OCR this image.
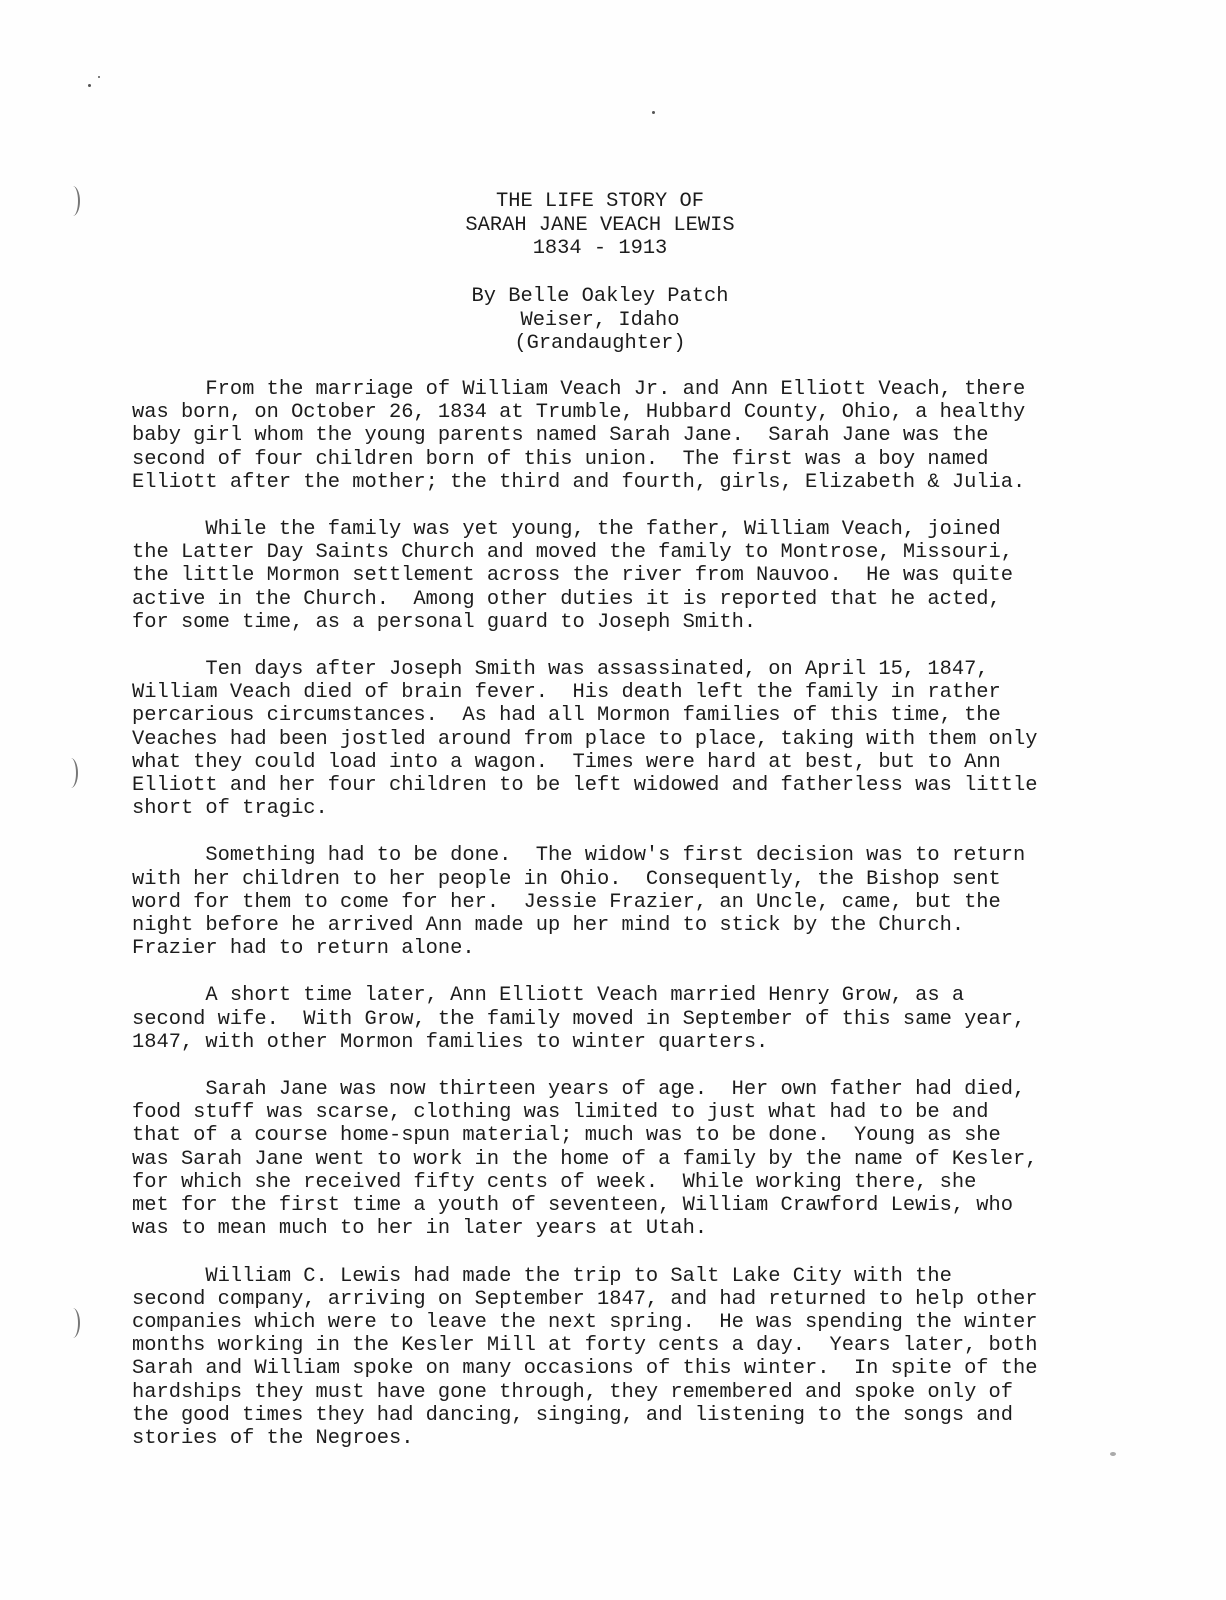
THE LIFE STORY OF
SARAH JANE VEACH LEWIS
1834 - 1913
By Belle Oakley Patch
Weiser, Idaho
(Grandaughter)
From the marriage of William Veach Jr. and Ann Elliott Veach, there
was born, on October 26, 1834 at Trumble, Hubbard County, Ohio, a healthy
baby girl whom the young parents named Sarah Jane.  Sarah Jane was the
second of four children born of this union.  The first was a boy named
Elliott after the mother; the third and fourth, girls, Elizabeth & Julia.
While the family was yet young, the father, William Veach, joined
the Latter Day Saints Church and moved the family to Montrose, Missouri,
the little Mormon settlement across the river from Nauvoo.  He was quite
active in the Church.  Among other duties it is reported that he acted,
for some time, as a personal guard to Joseph Smith.
Ten days after Joseph Smith was assassinated, on April 15, 1847,
William Veach died of brain fever.  His death left the family in rather
percarious circumstances.  As had all Mormon families of this time, the
Veaches had been jostled around from place to place, taking with them only
what they could load into a wagon.  Times were hard at best, but to Ann
Elliott and her four children to be left widowed and fatherless was little
short of tragic.
Something had to be done.  The widow's first decision was to return
with her children to her people in Ohio.  Consequently, the Bishop sent
word for them to come for her.  Jessie Frazier, an Uncle, came, but the
night before he arrived Ann made up her mind to stick by the Church.
Frazier had to return alone.
A short time later, Ann Elliott Veach married Henry Grow, as a
second wife.  With Grow, the family moved in September of this same year,
1847, with other Mormon families to winter quarters.
Sarah Jane was now thirteen years of age.  Her own father had died,
food stuff was scarse, clothing was limited to just what had to be and
that of a course home-spun material; much was to be done.  Young as she
was Sarah Jane went to work in the home of a family by the name of Kesler,
for which she received fifty cents of week.  While working there, she
met for the first time a youth of seventeen, William Crawford Lewis, who
was to mean much to her in later years at Utah.
William C. Lewis had made the trip to Salt Lake City with the
second company, arriving on September 1847, and had returned to help other
companies which were to leave the next spring.  He was spending the winter
months working in the Kesler Mill at forty cents a day.  Years later, both
Sarah and William spoke on many occasions of this winter.  In spite of the
hardships they must have gone through, they remembered and spoke only of
the good times they had dancing, singing, and listening to the songs and
stories of the Negroes.
